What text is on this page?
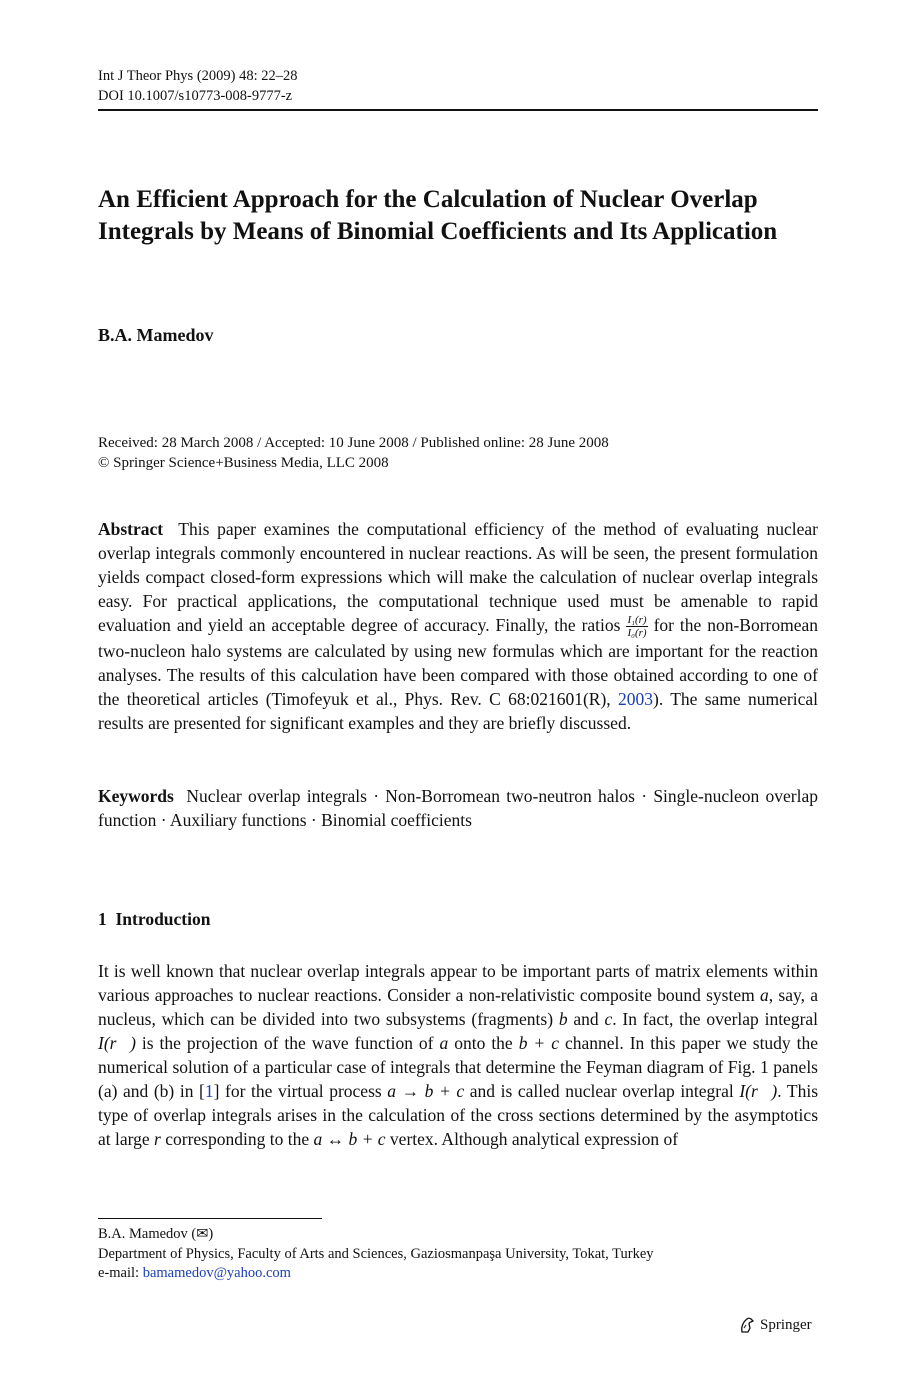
Int J Theor Phys (2009) 48: 22–28
DOI 10.1007/s10773-008-9777-z
An Efficient Approach for the Calculation of Nuclear Overlap Integrals by Means of Binomial Coefficients and Its Application
B.A. Mamedov
Received: 28 March 2008 / Accepted: 10 June 2008 / Published online: 28 June 2008
© Springer Science+Business Media, LLC 2008

Abstract This paper examines the computational efficiency of the method of evaluating nuclear overlap integrals commonly encountered in nuclear reactions. As will be seen, the present formulation yields compact closed-form expressions which will make the calculation of nuclear overlap integrals easy. For practical applications, the computational technique used must be amenable to rapid evaluation and yield an acceptable degree of accuracy. Finally, the ratios $\frac{\text{I₁(r)}}{\text{I₀(r)}}$ for the non-Borromean two-nucleon halo systems are calculated by using new formulas which are important for the reaction analyses. The results of this calculation have been compared with those obtained according to one of the theoretical articles (Timofeyuk et al., Phys. Rev. C 68:021601(R), 2003). The same numerical results are presented for significant examples and they are briefly discussed.

Keywords Nuclear overlap integrals · Non-Borromean two-neutron halos · Single-nucleon overlap function · Auxiliary functions · Binomial coefficients

1 Introduction

It is well known that nuclear overlap integrals appear to be important parts of matrix elements within various approaches to nuclear reactions. Consider a non-relativistic composite bound system a, say, a nucleus, which can be divided into two subsystems (fragments) b and c. In fact, the overlap integral I(r⃗) is the projection of the wave function of a onto the b + c channel. In this paper we study the numerical solution of a particular case of integrals that determine the Feyman diagram of Fig. 1 panels (a) and (b) in [1] for the virtual process a → b + c and is called nuclear overlap integral I(r⃗). This type of overlap integrals arises in the calculation of the cross sections determined by the asymptotics at large r corresponding to the a ↔ b + c vertex. Although analytical expression of

B.A. Mamedov (✉)
Department of Physics, Faculty of Arts and Sciences, Gaziosmanpaşa University, Tokat, Turkey
e-mail: bamamedov@yahoo.com
Springer
